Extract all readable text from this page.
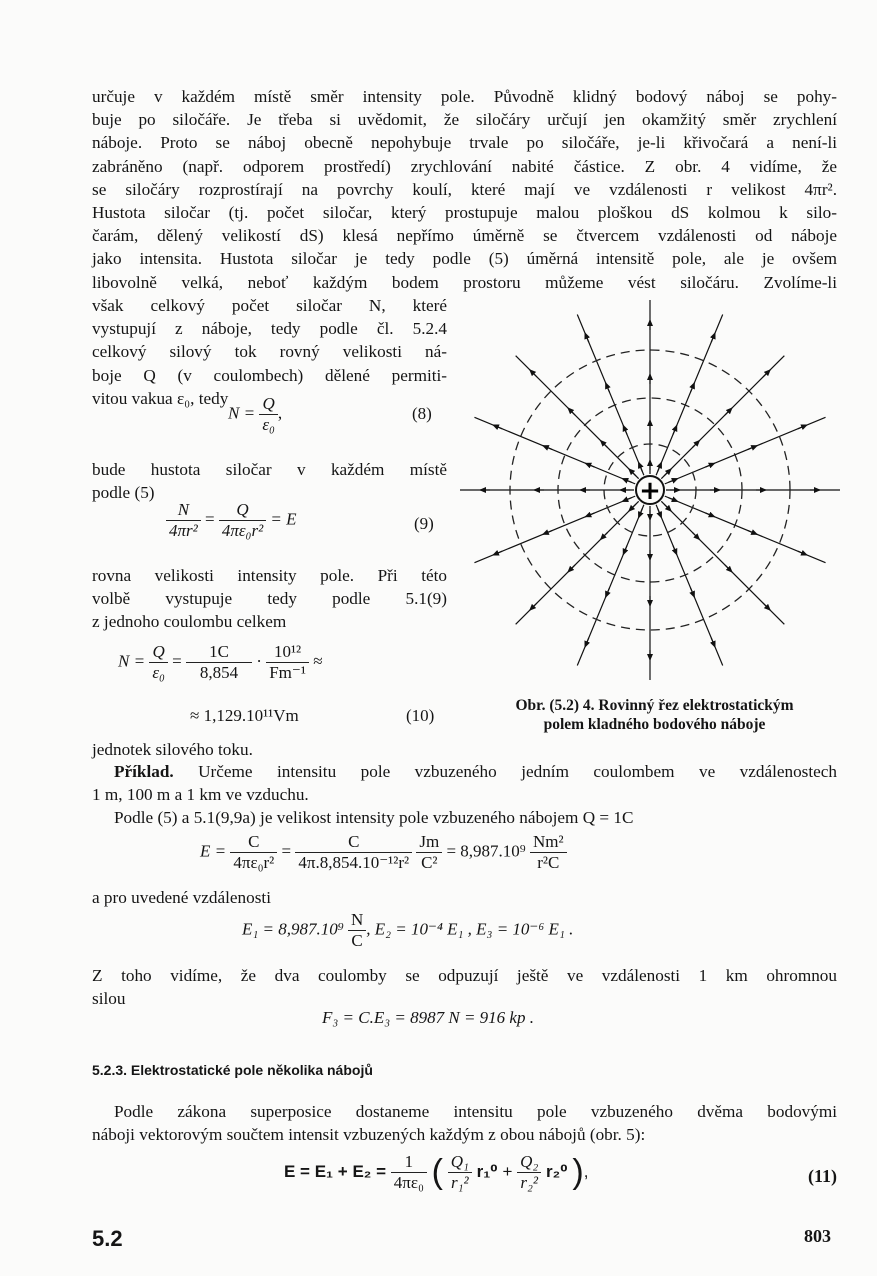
určuje v každém místě směr intensity pole. Původně klidný bodový náboj se pohy-
buje po siločáře. Je třeba si uvědomit, že siločáry určují jen okamžitý směr zrychlení
náboje. Proto se náboj obecně nepohybuje trvale po siločáře, je-li křivočará a není-li
zabráněno (např. odporem prostředí) zrychlování nabité částice. Z obr. 4 vidíme, že
se siločáry rozprostírají na povrchy koulí, které mají ve vzdálenosti r velikost 4πr².
Hustota siločar (tj. počet siločar, který prostupuje malou ploškou dS kolmou k silo-
čarám, dělený velikostí dS) klesá nepřímo úměrně se čtvercem vzdálenosti od náboje
jako intensita. Hustota siločar je tedy podle (5) úměrná intensitě pole, ale je ovšem
libovolně velká, neboť každým bodem prostoru můžeme vést siločáru. Zvolíme-li
však celkový počet siločar N, které
vystupují z náboje, tedy podle čl. 5.2.4
celkový silový tok rovný velikosti ná-
boje Q (v coulombech) dělené permiti-
vitou vakua ε₀, tedy
$N = \frac{Q}{\text{ε₀}}$ ,	(8)
bude hustota siločar v každém místě
podle (5)
$\frac{N}{\text{4πr²}} = \frac{Q}{\text{4πε₀r²}} = E$	(9)
rovna velikosti intensity pole. Při této
volbě vystupuje tedy podle 5.1(9)
z jednoho coulombu celkem
$N = \frac{Q}{\text{ε₀}} = \frac{1C}{8,854} \cdot \frac{\text{10¹²}}{\text{Fm⁻¹}}$ ≈
≈ 1,129.10¹¹Vm	(10)
+
Obr. (5.2) 4. Rovinný řez elektrostatickým
polem kladného bodového náboje
jednotek silového toku.
Příklad. Určeme intensitu pole vzbuzeného jedním coulombem ve vzdálenostech
1 m, 100 m a 1 km ve vzduchu.
Podle (5) a 5.1(9,9a) je velikost intensity pole vzbuzeného nábojem Q = 1C
$E = \frac{C}{\text{4πε₀r²}} = \frac{C}{\text{4π.8,854.10⁻¹²r²}}$
$\frac{Jm}{\text{C²}} = 8,987.10^9 \frac{\text{Nm²}}{\text{r²C}}$
a pro uvedené vzdálenosti
$E_1 = 8,987.10^9 \frac{N}{C}$ , E₂ = 10⁻⁴ E₁ , E₃ = 10⁻⁶ E₁ .
Z toho vidíme, že dva coulomby se odpuzují ještě ve vzdálenosti 1 km ohromnou
silou
F₃ = C.E₃ = 8987 N = 916 kp .
5.2.3. Elektrostatické pole několika nábojů
Podle zákona superposice dostaneme intensitu pole vzbuzeného dvěma bodovými
náboji vektorovým součtem intensit vzbuzených každým z obou nábojů (obr. 5):
$E = E_1 + E_2 = \frac{1}{\text{4πε₀}}$ ( $\frac{\text{Q₁}}{\text{r₁²}} r_1^0 + \frac{\text{Q₂}}{\text{r₂²}} r_2^0$ ),	(11)
5.2	803
